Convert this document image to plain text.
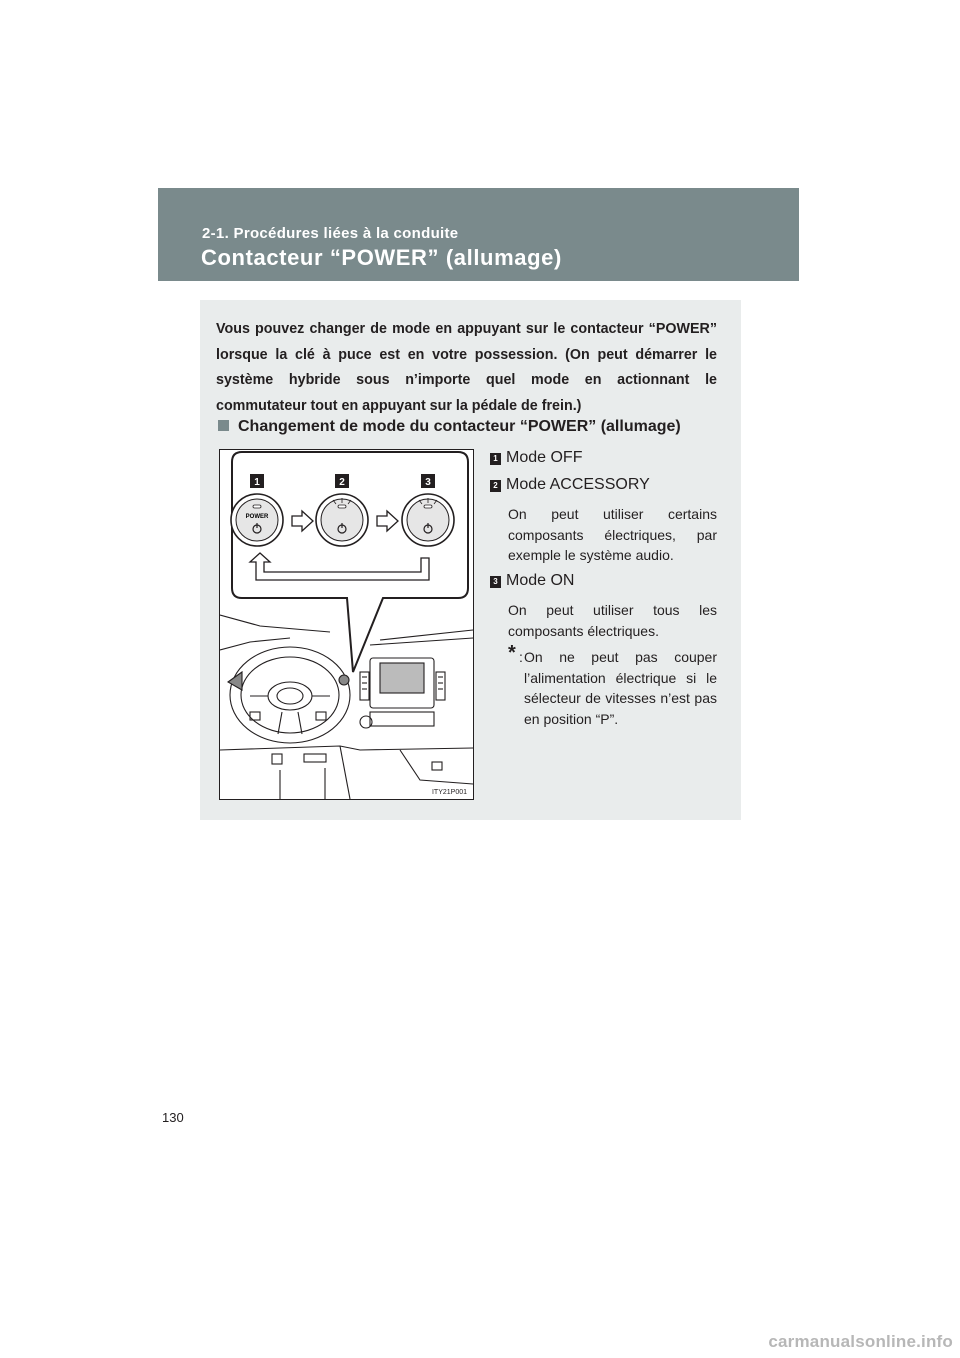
2-1. Procédures liées à la conduite
Contacteur “POWER” (allumage)
Vous pouvez changer de mode en appuyant sur le contacteur “POWER” lorsque la clé à puce est en votre possession. (On peut démarrer le système hybride sous n’importe quel mode en actionnant le commutateur tout en appuyant sur la pédale de frein.)
Changement de mode du contacteur “POWER” (allumage)
1	2	3
POWER
ITY21P001
1 Mode OFF
2 Mode ACCESSORY
On peut utiliser certains composants électriques, par exemple le système audio.
3 Mode ON
On peut utiliser tous les composants électriques.
* : On ne peut pas couper l’alimentation électrique si le sélecteur de vitesses n’est pas en position “P”.
130
carmanualsonline.info
